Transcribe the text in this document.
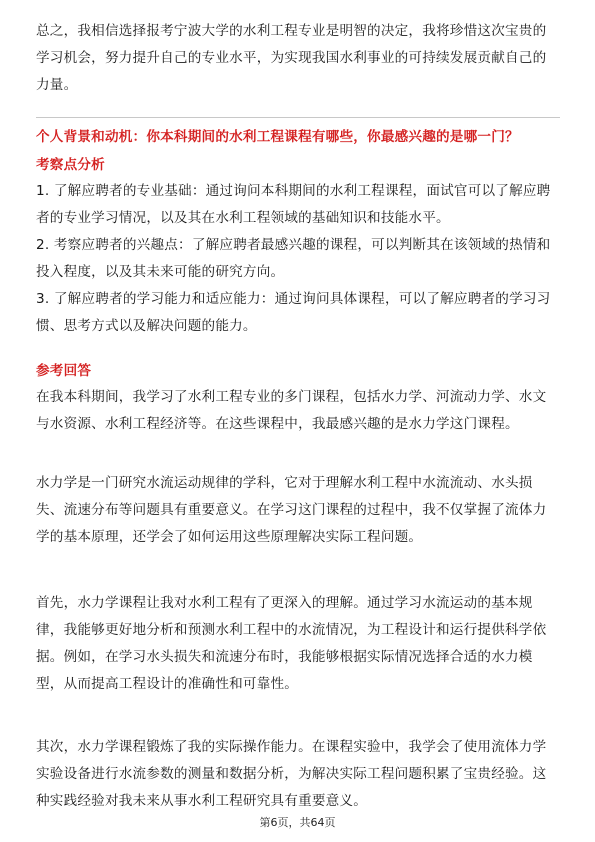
总之，我相信选择报考宁波大学的水利工程专业是明智的决定，我将珍惜这次宝贵的学习机会，努力提升自己的专业水平，为实现我国水利事业的可持续发展贡献自己的力量。

个人背景和动机：你本科期间的水利工程课程有哪些，你最感兴趣的是哪一门？

考察点分析

1. 了解应聘者的专业基础：通过询问本科期间的水利工程课程，面试官可以了解应聘者的专业学习情况，以及其在水利工程领域的基础知识和技能水平。
2. 考察应聘者的兴趣点：了解应聘者最感兴趣的课程，可以判断其在该领域的热情和投入程度，以及其未来可能的研究方向。
3. 了解应聘者的学习能力和适应能力：通过询问具体课程，可以了解应聘者的学习习惯、思考方式以及解决问题的能力。

参考回答

在我本科期间，我学习了水利工程专业的多门课程，包括水力学、河流动力学、水文与水资源、水利工程经济等。在这些课程中，我最感兴趣的是水力学这门课程。

水力学是一门研究水流运动规律的学科，它对于理解水利工程中水流流动、水头损失、流速分布等问题具有重要意义。在学习这门课程的过程中，我不仅掌握了流体力学的基本原理，还学会了如何运用这些原理解决实际工程问题。

首先，水力学课程让我对水利工程有了更深入的理解。通过学习水流运动的基本规律，我能够更好地分析和预测水利工程中的水流情况，为工程设计和运行提供科学依据。例如，在学习水头损失和流速分布时，我能够根据实际情况选择合适的水力模型，从而提高工程设计的准确性和可靠性。

其次，水力学课程锻炼了我的实际操作能力。在课程实验中，我学会了使用流体力学实验设备进行水流参数的测量和数据分析，为解决实际工程问题积累了宝贵经验。这种实践经验对我未来从事水利工程研究具有重要意义。

第6页，共64页
